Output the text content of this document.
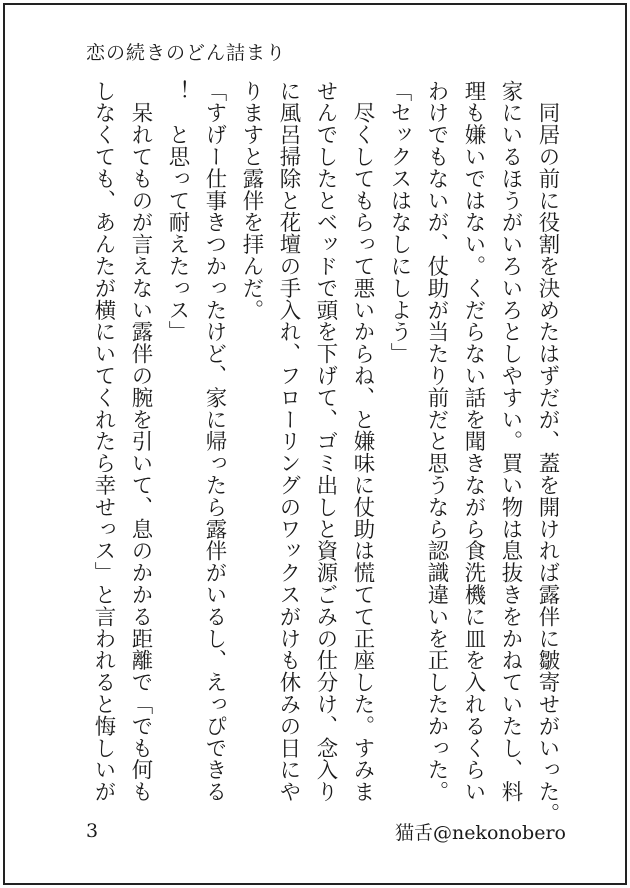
恋の続きのどん詰まり

　同居の前に役割を決めたはずだが、蓋を開ければ露伴に皺寄せがいった。

家にいるほうがいろいろとしやすい。買い物は息抜きをかねていたし、料

理も嫌いではない。くだらない話を聞きながら食洗機に皿を入れるくらい

わけでもないが、仗助が当たり前だと思うなら認識違いを正したかった。

「セックスはなしにしよう」

　尽くしてもらって悪いからね、と嫌味に仗助は慌てて正座した。すみま

せんでしたとベッドで頭を下げて、ゴミ出しと資源ごみの仕分け、念入り

に風呂掃除と花壇の手入れ、フローリングのワックスがけも休みの日にや

りますと露伴を拝んだ。

「すげー仕事きつかったけど、家に帰ったら露伴がいるし、えっぴできる

！　と思って耐えたっス」

　呆れてものが言えない露伴の腕を引いて、息のかかる距離で「でも何も

しなくても、あんたが横にいてくれたら幸せっス」と言われると悔しいが

3	猫舌@nekonobero
